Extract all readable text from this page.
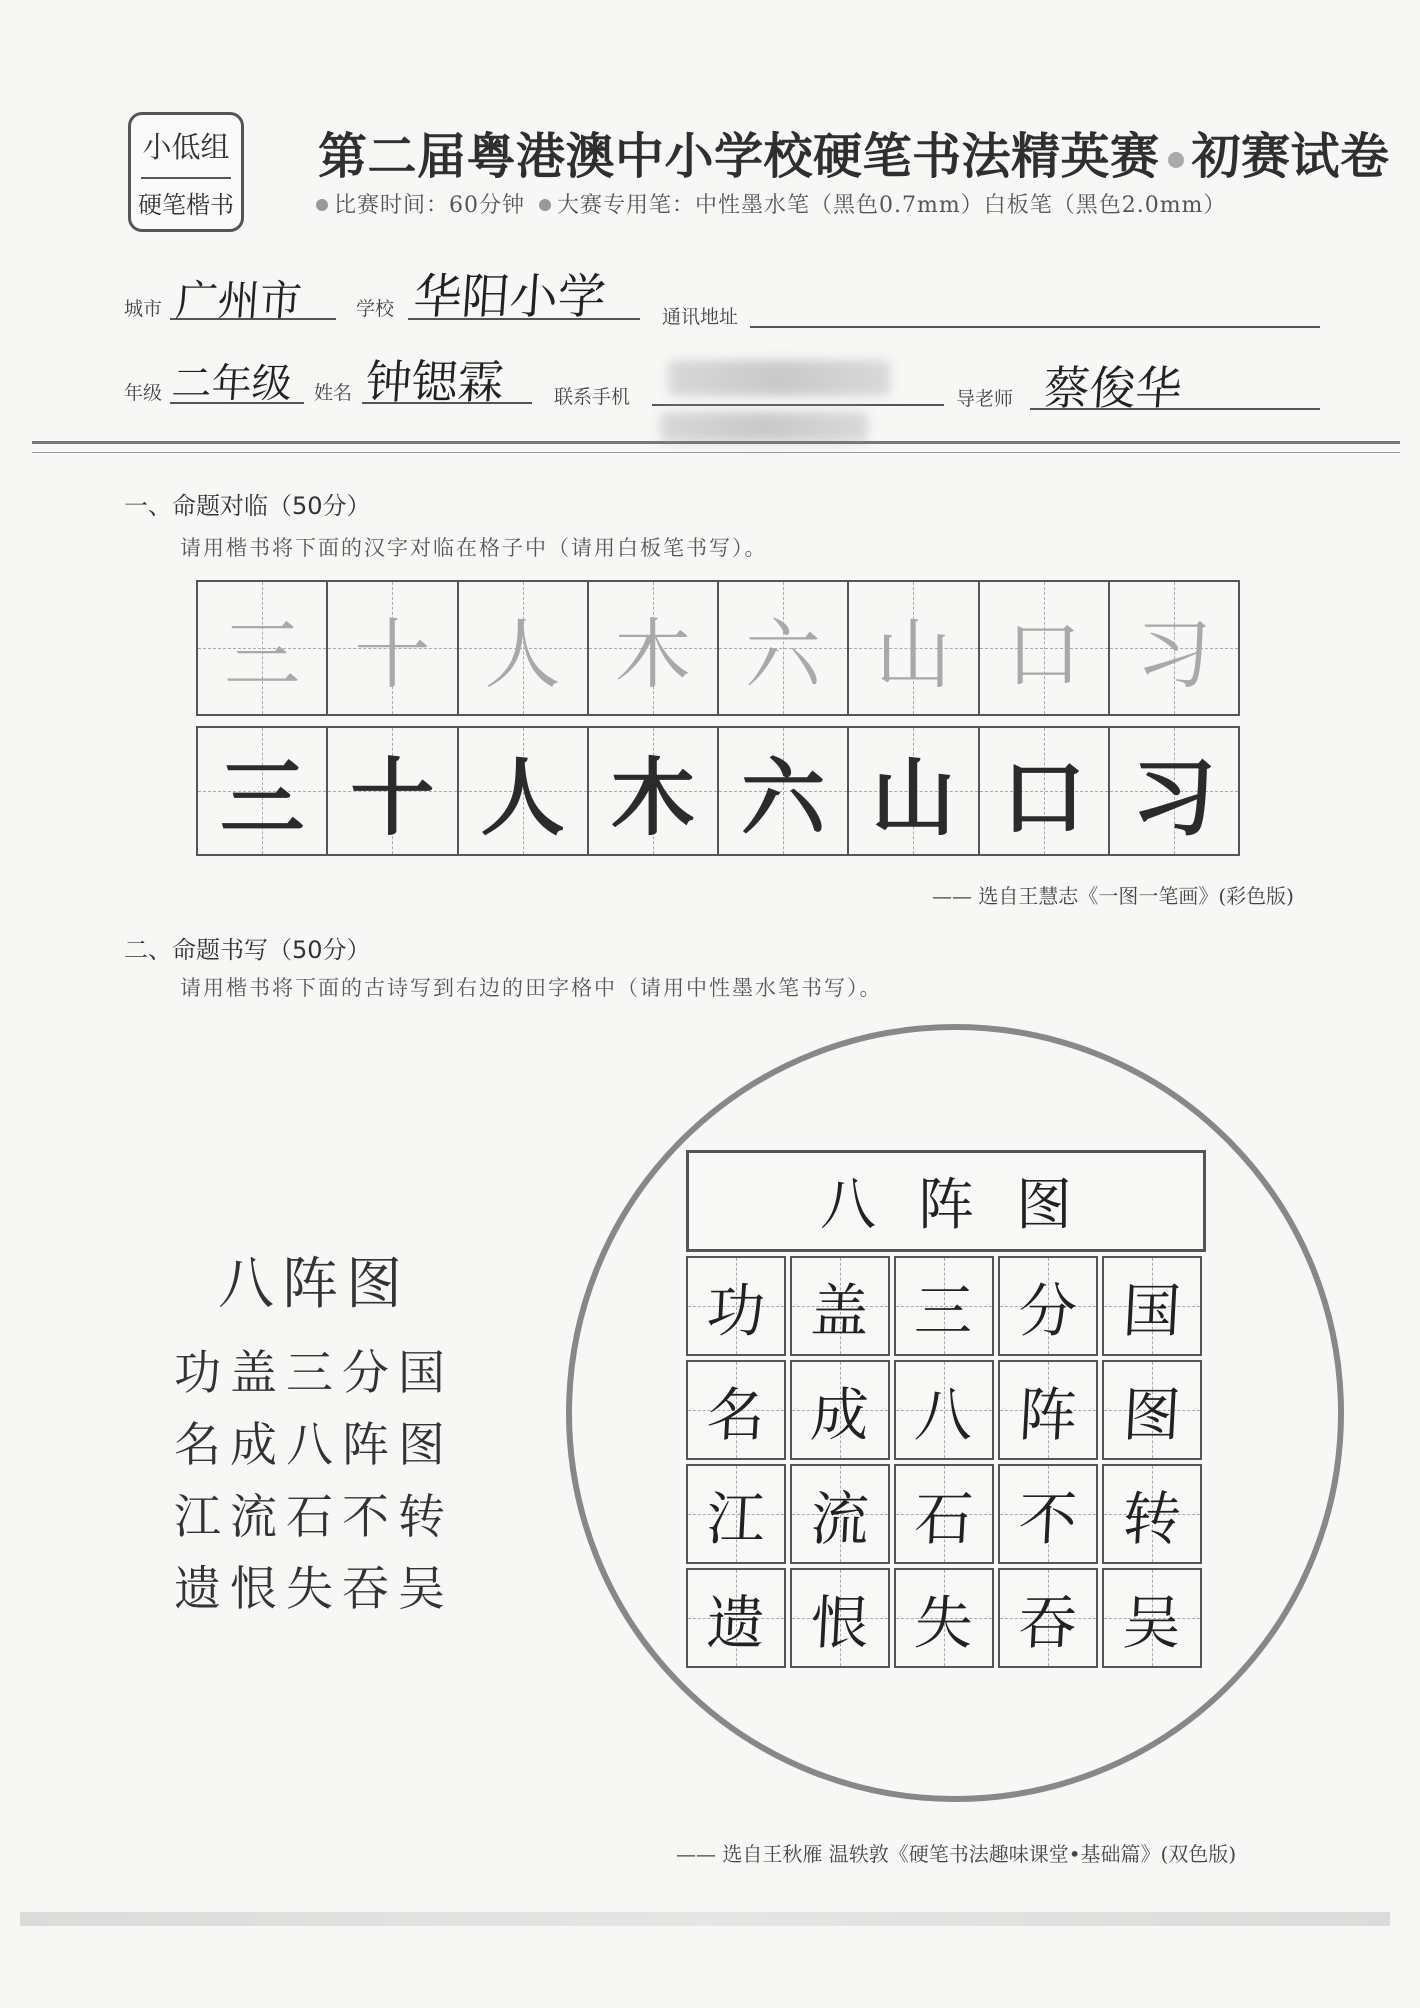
小低组
硬笔楷书
第二届粤港澳中小学校硬笔书法精英赛 初赛试卷
比赛时间：60分钟 大赛专用笔：中性墨水笔（黑色0.7mm）白板笔（黑色2.0mm）
城市 广州市	学校 华阳小学	通讯地址
年级 二年级 姓名 钟锶霖	联系手机	导老师 蔡俊华
一、命题对临（50分）
请用楷书将下面的汉字对临在格子中（请用白板笔书写）。
三 十 人 木 六 山 口 习
三 十 人 木 六 山 口 习
—— 选自王慧志《一图一笔画》(彩色版)
二、命题书写（50分）
请用楷书将下面的古诗写到右边的田字格中（请用中性墨水笔书写）。
八阵图
功盖三分国
名成八阵图
江流石不转
遗恨失吞吴
八阵图
—— 选自王秋雁 温轶敦《硬笔书法趣味课堂•基础篇》(双色版)
功 盖 三 分 国
名 成 八 阵 图
江 流 石 不 转
遗 恨 失 吞 吴
